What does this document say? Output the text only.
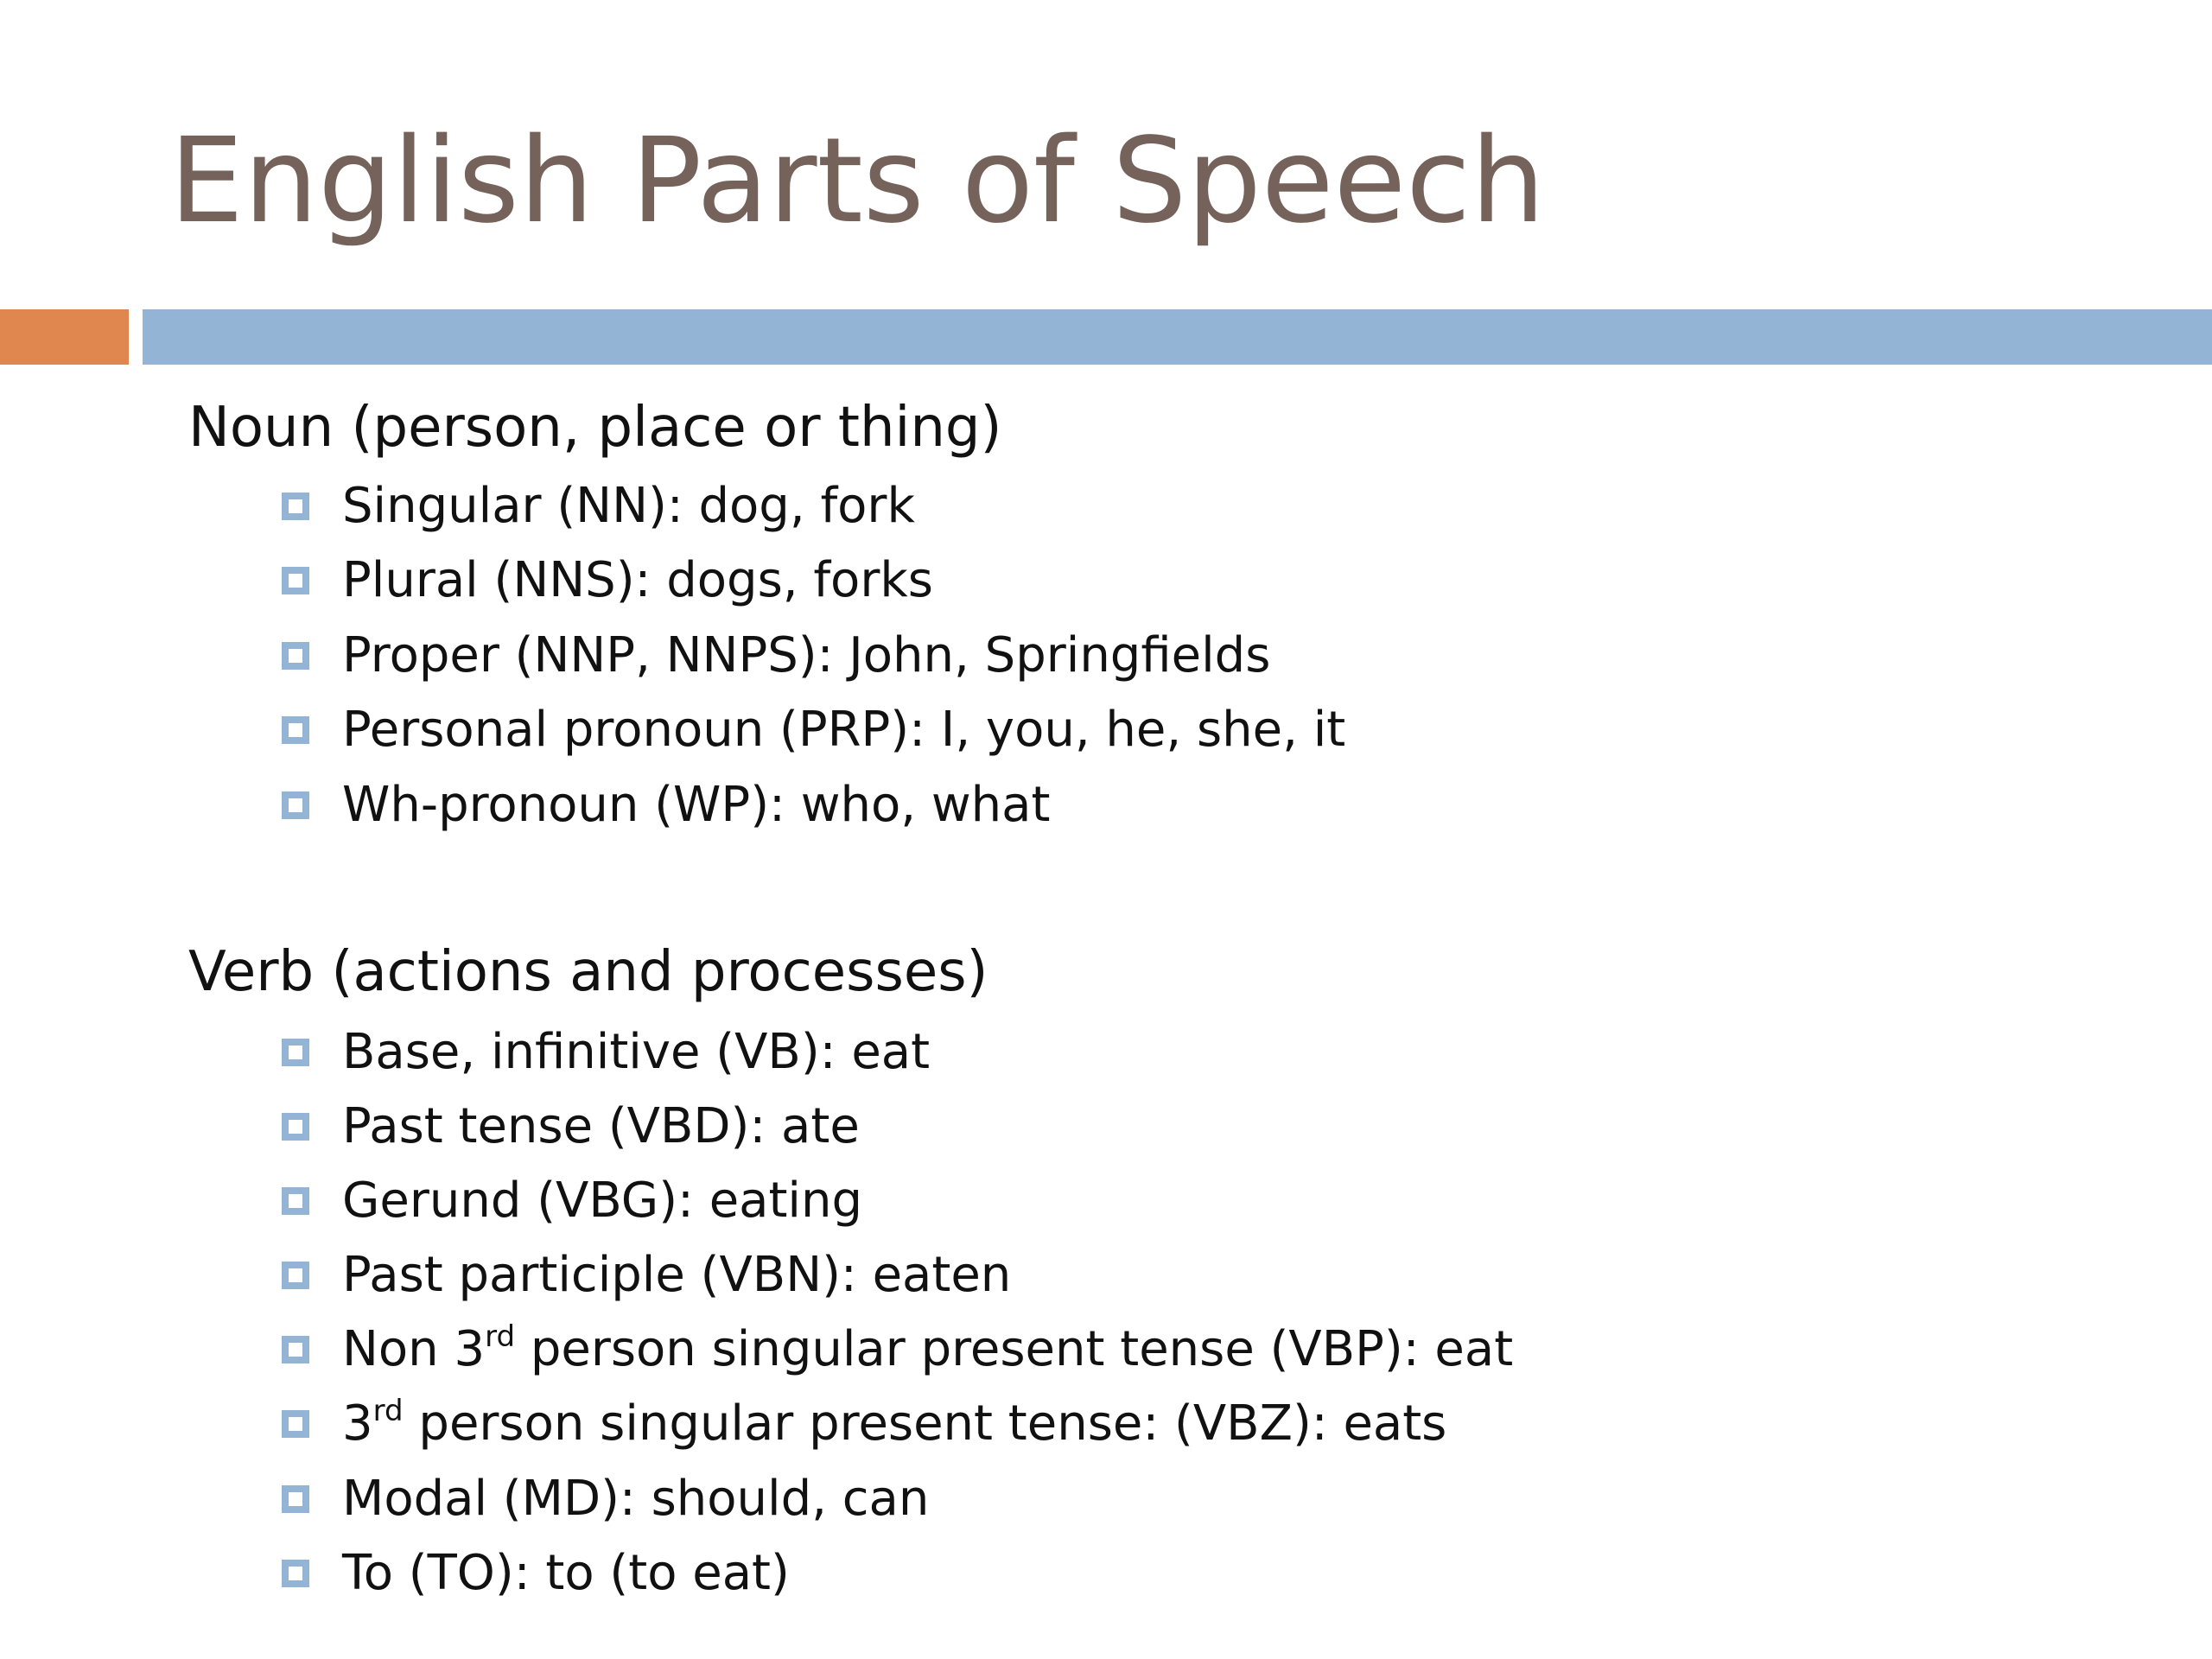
English Parts of Speech
Noun (person, place or thing)
Singular (NN): dog, fork
Plural (NNS): dogs, forks
Proper (NNP, NNPS): John, Springfields
Personal pronoun (PRP): I, you, he, she, it
Wh-pronoun (WP): who, what
Verb (actions and processes)
Base, infinitive (VB): eat
Past tense (VBD): ate
Gerund (VBG): eating
Past participle (VBN): eaten
Non 3rd person singular present tense (VBP): eat
3rd person singular present tense: (VBZ): eats
Modal (MD): should, can
To (TO): to (to eat)
